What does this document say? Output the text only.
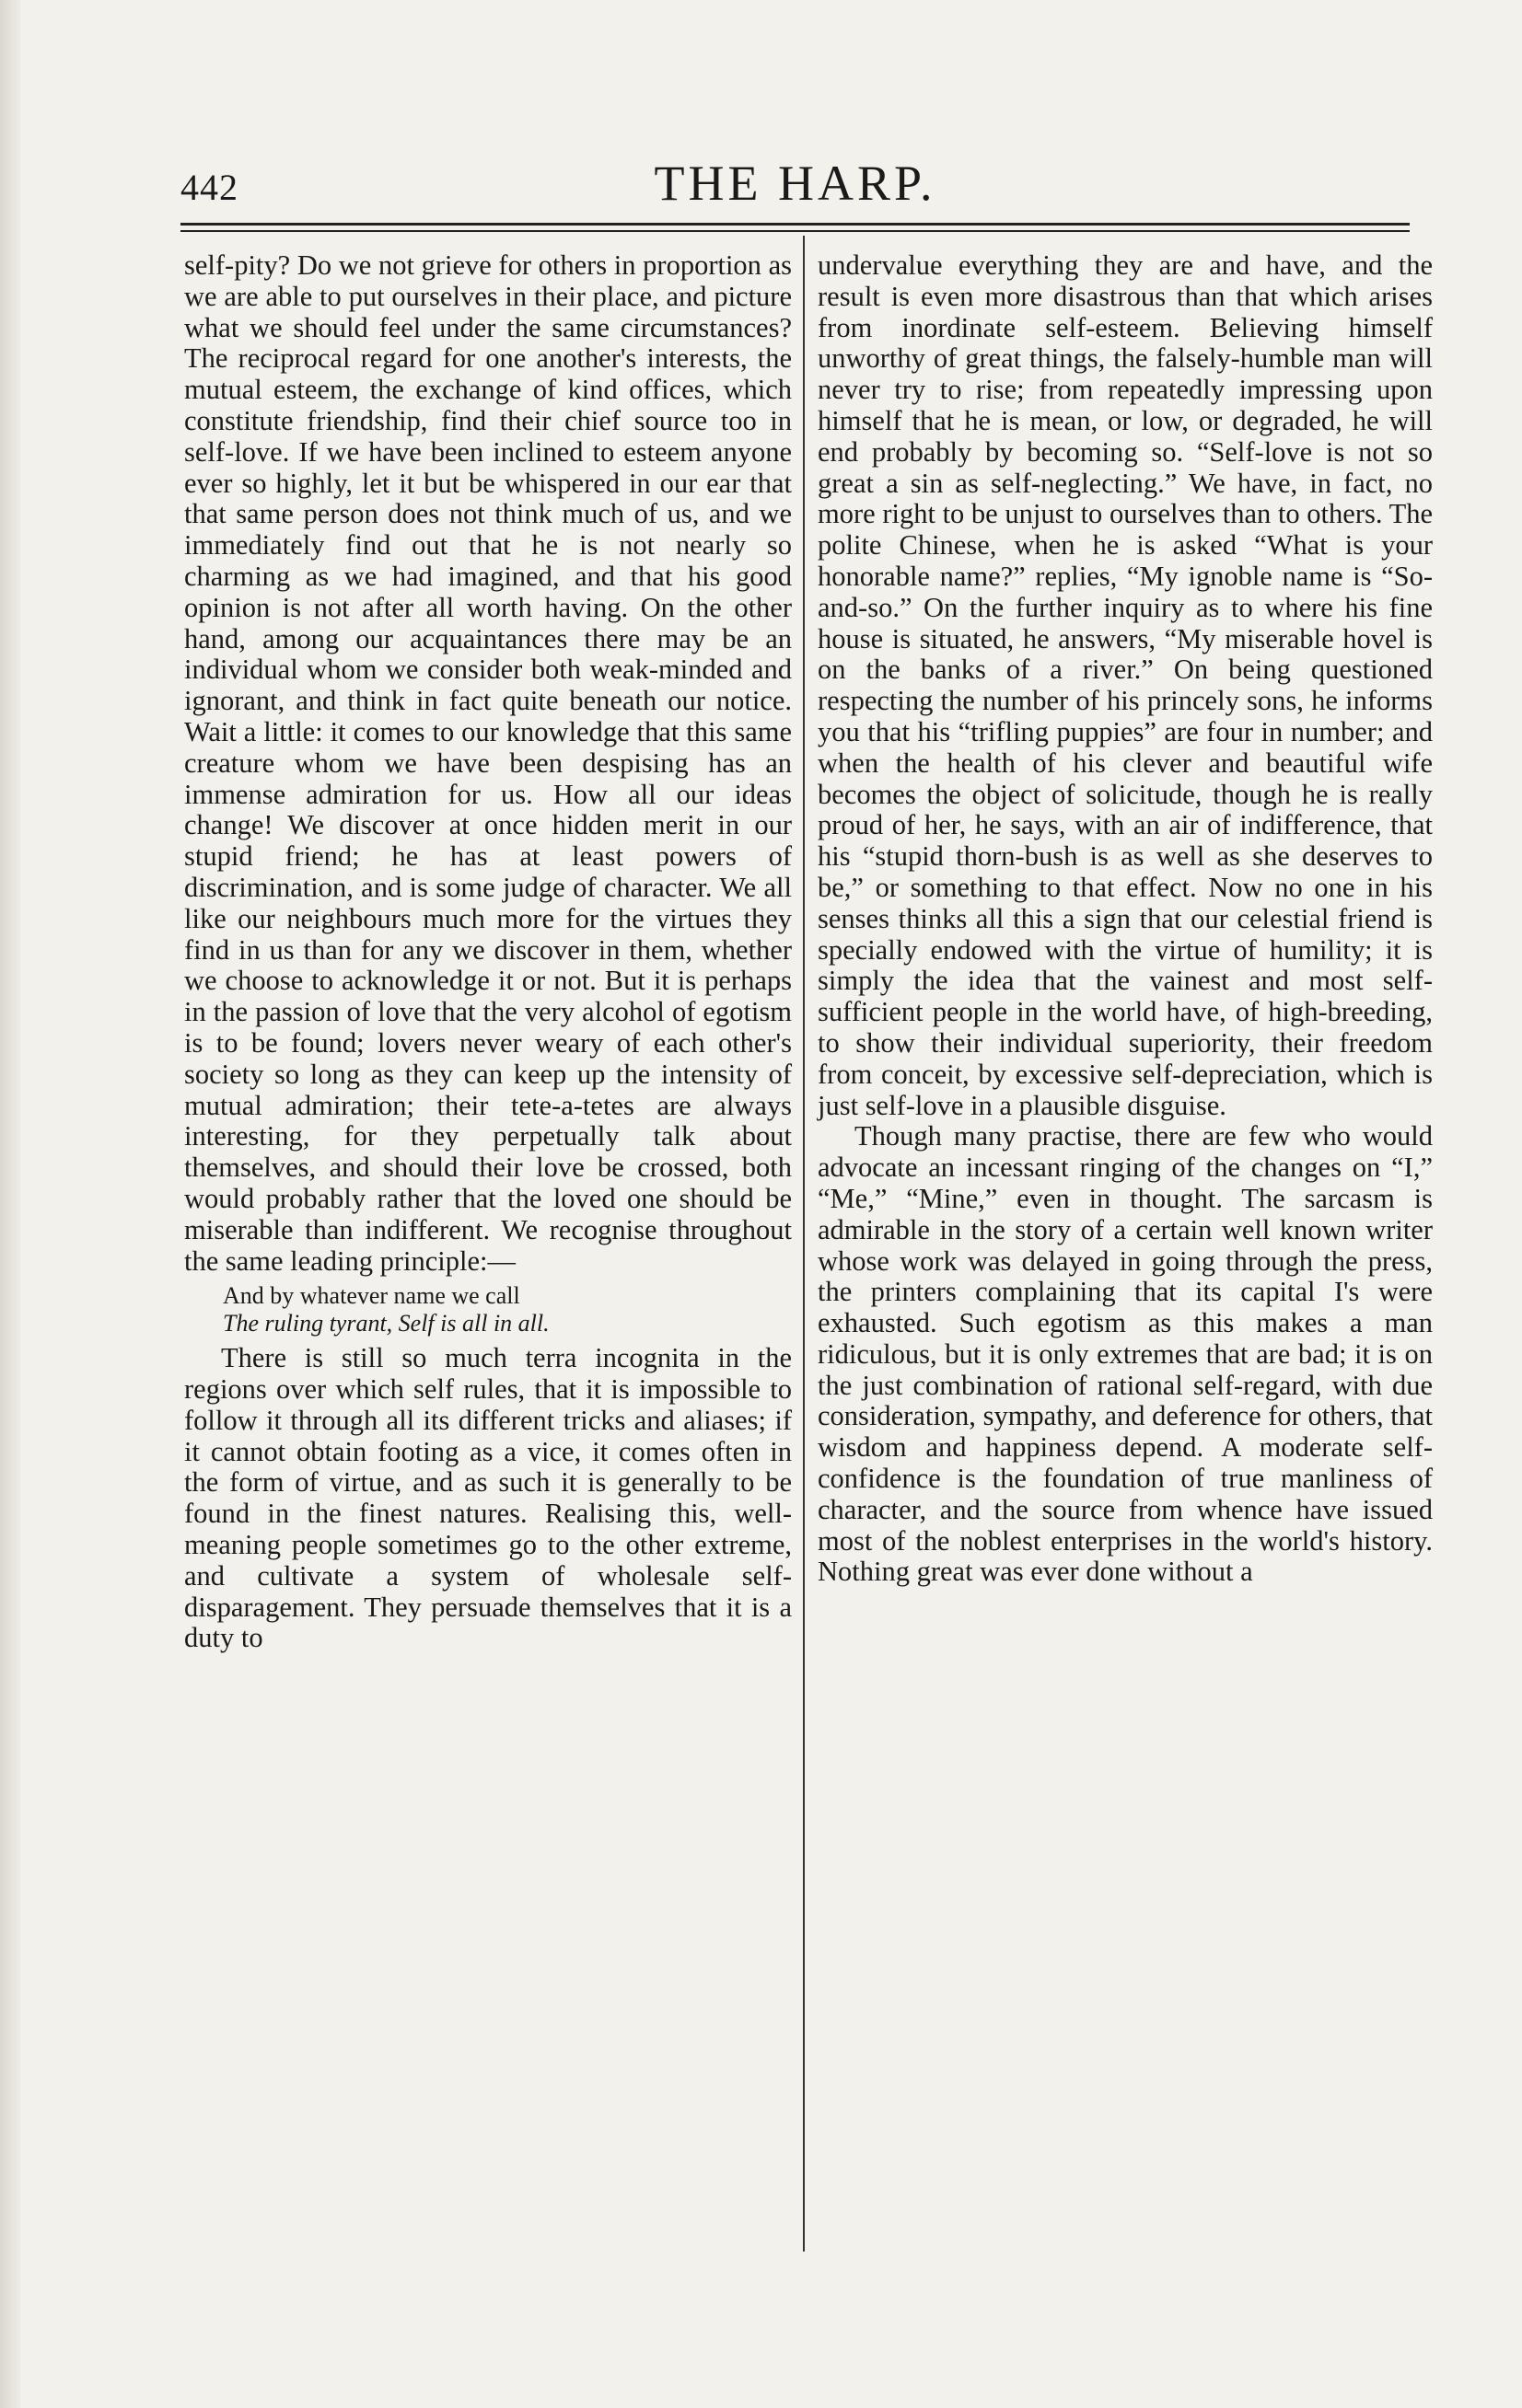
442	THE HARP.

self-pity? Do we not grieve for others in proportion as we are able to put ourselves in their place, and picture what we should feel under the same circumstances? The reciprocal regard for one another's interests, the mutual esteem, the exchange of kind offices, which constitute friendship, find their chief source too in self-love. If we have been inclined to esteem anyone ever so highly, let it but be whispered in our ear that that same person does not think much of us, and we immediately find out that he is not nearly so charming as we had imagined, and that his good opinion is not after all worth having. On the other hand, among our acquaintances there may be an individual whom we consider both weak-minded and ignorant, and think in fact quite beneath our notice. Wait a little: it comes to our knowledge that this same creature whom we have been despising has an immense admiration for us. How all our ideas change! We discover at once hidden merit in our stupid friend; he has at least powers of discrimination, and is some judge of character. We all like our neighbours much more for the virtues they find in us than for any we discover in them, whether we choose to acknowledge it or not. But it is perhaps in the passion of love that the very alcohol of egotism is to be found; lovers never weary of each other's society so long as they can keep up the intensity of mutual admiration; their tete-a-tetes are always interesting, for they perpetually talk about themselves, and should their love be crossed, both would probably rather that the loved one should be miserable than indifferent. We recognise throughout the same leading principle:—

And by whatever name we call
The ruling tyrant, Self is all in all.

There is still so much terra incognita in the regions over which self rules, that it is impossible to follow it through all its different tricks and aliases; if it cannot obtain footing as a vice, it comes often in the form of virtue, and as such it is generally to be found in the finest natures. Realising this, well-meaning people sometimes go to the other extreme, and cultivate a system of wholesale self-disparagement. They persuade themselves that it is a duty to

undervalue everything they are and have, and the result is even more disastrous than that which arises from inordinate self-esteem. Believing himself unworthy of great things, the falsely-humble man will never try to rise; from repeatedly impressing upon himself that he is mean, or low, or degraded, he will end probably by becoming so. “Self-love is not so great a sin as self-neglecting.” We have, in fact, no more right to be unjust to ourselves than to others. The polite Chinese, when he is asked “What is your honorable name?” replies, “My ignoble name is “So-and-so.” On the further inquiry as to where his fine house is situated, he answers, “My miserable hovel is on the banks of a river.” On being questioned respecting the number of his princely sons, he informs you that his “trifling puppies” are four in number; and when the health of his clever and beautiful wife becomes the object of solicitude, though he is really proud of her, he says, with an air of indifference, that his “stupid thorn-bush is as well as she deserves to be,” or something to that effect. Now no one in his senses thinks all this a sign that our celestial friend is specially endowed with the virtue of humility; it is simply the idea that the vainest and most self-sufficient people in the world have, of high-breeding, to show their individual superiority, their freedom from conceit, by excessive self-depreciation, which is just self-love in a plausible disguise.

Though many practise, there are few who would advocate an incessant ringing of the changes on “I,” “Me,” “Mine,” even in thought. The sarcasm is admirable in the story of a certain well known writer whose work was delayed in going through the press, the printers complaining that its capital I's were exhausted. Such egotism as this makes a man ridiculous, but it is only extremes that are bad; it is on the just combination of rational self-regard, with due consideration, sympathy, and deference for others, that wisdom and happiness depend. A moderate self-confidence is the foundation of true manliness of character, and the source from whence have issued most of the noblest enterprises in the world's history. Nothing great was ever done without a
